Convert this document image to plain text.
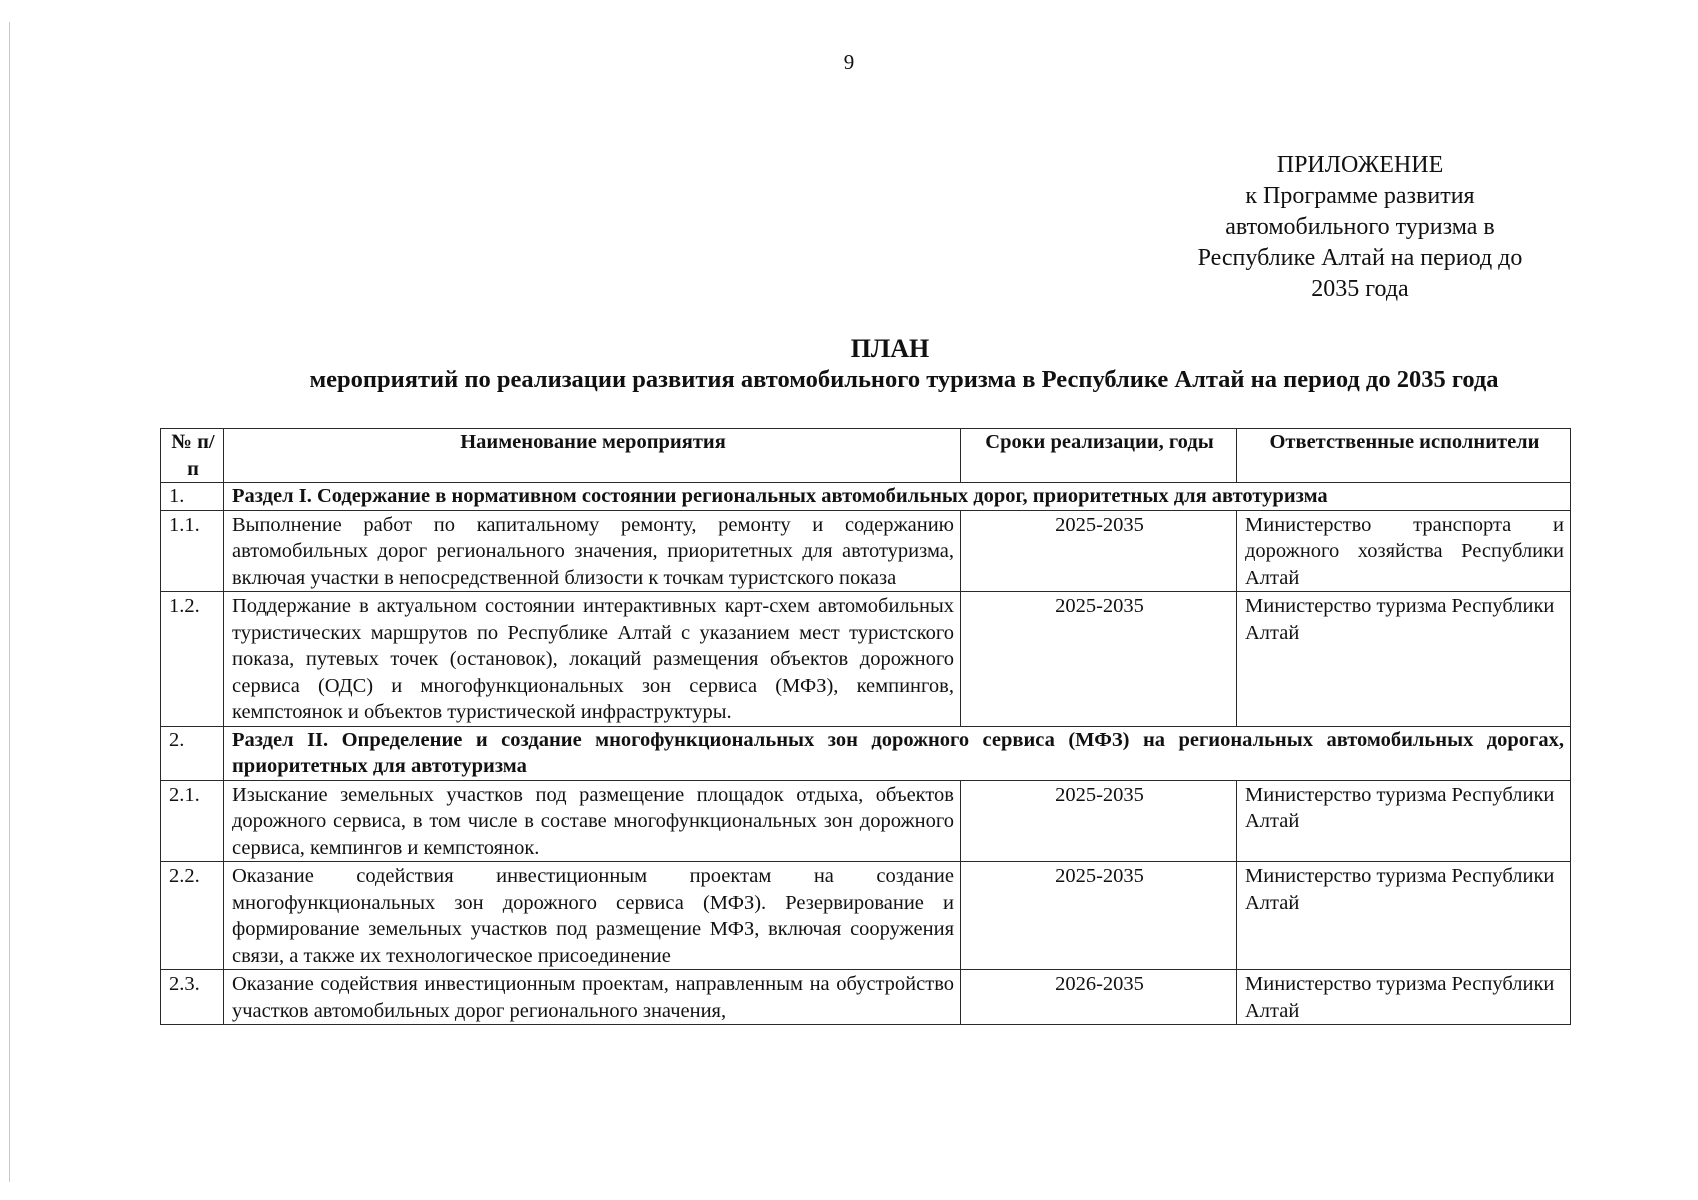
9
ПРИЛОЖЕНИЕ
к Программе развития
автомобильного туризма в
Республике Алтай на период до
2035 года
ПЛАН
мероприятий по реализации развития автомобильного туризма в Республике Алтай на период до 2035 года
№ п/п	Наименование мероприятия	Сроки реализации, годы	Ответственные исполнители
1.	Раздел I. Содержание в нормативном состоянии региональных автомобильных дорог, приоритетных для автотуризма		
1.1.	Выполнение работ по капитальному ремонту, ремонту и содержанию автомобильных дорог регионального значения, приоритетных для автотуризма, включая участки в непосредственной близости к точкам туристского показа	2025-2035	Министерство транспорта и дорожного хозяйства Республики Алтай
1.2.	Поддержание в актуальном состоянии интерактивных карт-схем автомобильных туристических маршрутов по Республике Алтай с указанием мест туристского показа, путевых точек (остановок), локаций размещения объектов дорожного сервиса (ОДС) и многофункциональных зон сервиса (МФЗ), кемпингов, кемпстоянок и объектов туристической инфраструктуры.	2025-2035	Министерство туризма Республики Алтай
2.	Раздел II. Определение и создание многофункциональных зон дорожного сервиса (МФЗ) на региональных автомобильных дорогах, приоритетных для автотуризма		
2.1.	Изыскание земельных участков под размещение площадок отдыха, объектов дорожного сервиса, в том числе в составе многофункциональных зон дорожного сервиса, кемпингов и кемпстоянок.	2025-2035	Министерство туризма Республики Алтай
2.2.	Оказание содействия инвестиционным проектам на создание многофункциональных зон дорожного сервиса (МФЗ). Резервирование и формирование земельных участков под размещение МФЗ, включая сооружения связи, а также их технологическое присоединение	2025-2035	Министерство туризма Республики Алтай
2.3.	Оказание содействия инвестиционным проектам, направленным на обустройство участков автомобильных дорог регионального значения,	2026-2035	Министерство туризма Республики Алтай
